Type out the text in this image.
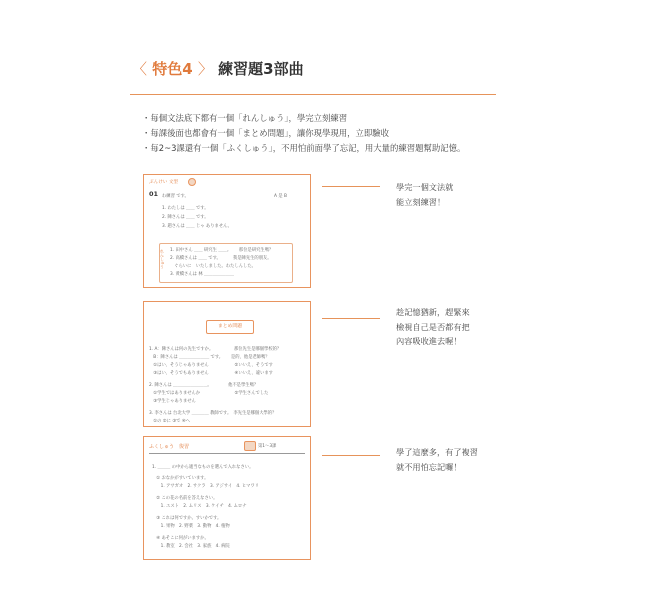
〈 特色4 〉 練習題3部曲
・每個文法底下都有一個「れんしゅう」，學完立刻練習
・每課後面也都會有一個「まとめ問題」，讓你現學現用，立即驗收
・每2~3課還有一個「ふくしゅう」，不用怕前面學了忘記，用大量的練習題幫助記憶。
ぶんけい 文型
01	A 是 B
わ練習 です。
1. わたしは ＿＿ です。
2. 陳さんは ＿＿ です。
3. 趙さんは ＿＿ じゃ ありません。
れんしゅう 1. 田中さん ＿＿ 研究生 ＿＿。　　 那位是研究生嗎？
2. 高橋さんは ＿＿ です。　　　 我是陳先生的朋友。
　ぐらいに　いたしました。わたしんした。
3. 黄橋さんは 林 ＿＿＿＿＿＿＿
學完一個文法就
能立刻練習！
まとめ問題
1. A：陳さんは何の先生ですか。　　　　　 那位先生是哪個學校的？
　B：陳さんは ＿＿＿＿＿＿＿ です。　　 是的，他是老師嗎？
　①はい、そうじゃありません　　　　　　②いいえ、そうです
　③はい、そうでもありません　　　　　　④いいえ、違います
2. 陳さんは ＿＿＿＿＿＿＿＿。　　　　 他不是學生嗎？
　①学生ではありませんか　　　　　　　　②学生さんでした
　③学生じゃありません
3. 李さんは 台北大学 ＿＿＿＿ 教師です。　李先生是哪個大學的？
　①の ②に ③で ④へ
趁記憶猶新，趕緊來
檢視自己是否都有把
內容吸收進去喔！
ふくしゅう　復習	第1～3課
1. ＿＿＿ の中から適当なものを選んで入れなさい。
　① おなかがすいています。
　　1. アサガオ　2. サクラ　3. アジサイ　4. ヒマワリ
　② この花の名前を答えなさい。
　　1. エスト　2. ムリス　3. ケイチ　4. ムロナ
　③ これは何ですか。すいかです。
　　1. 果物　2. 野菜　3. 動物　4. 植物
　④ あそこに何がいますか。
　　1. 教室　2. 会社　3. 家族　4. 病院
學了這麼多，有了複習
就不用怕忘記囉！
